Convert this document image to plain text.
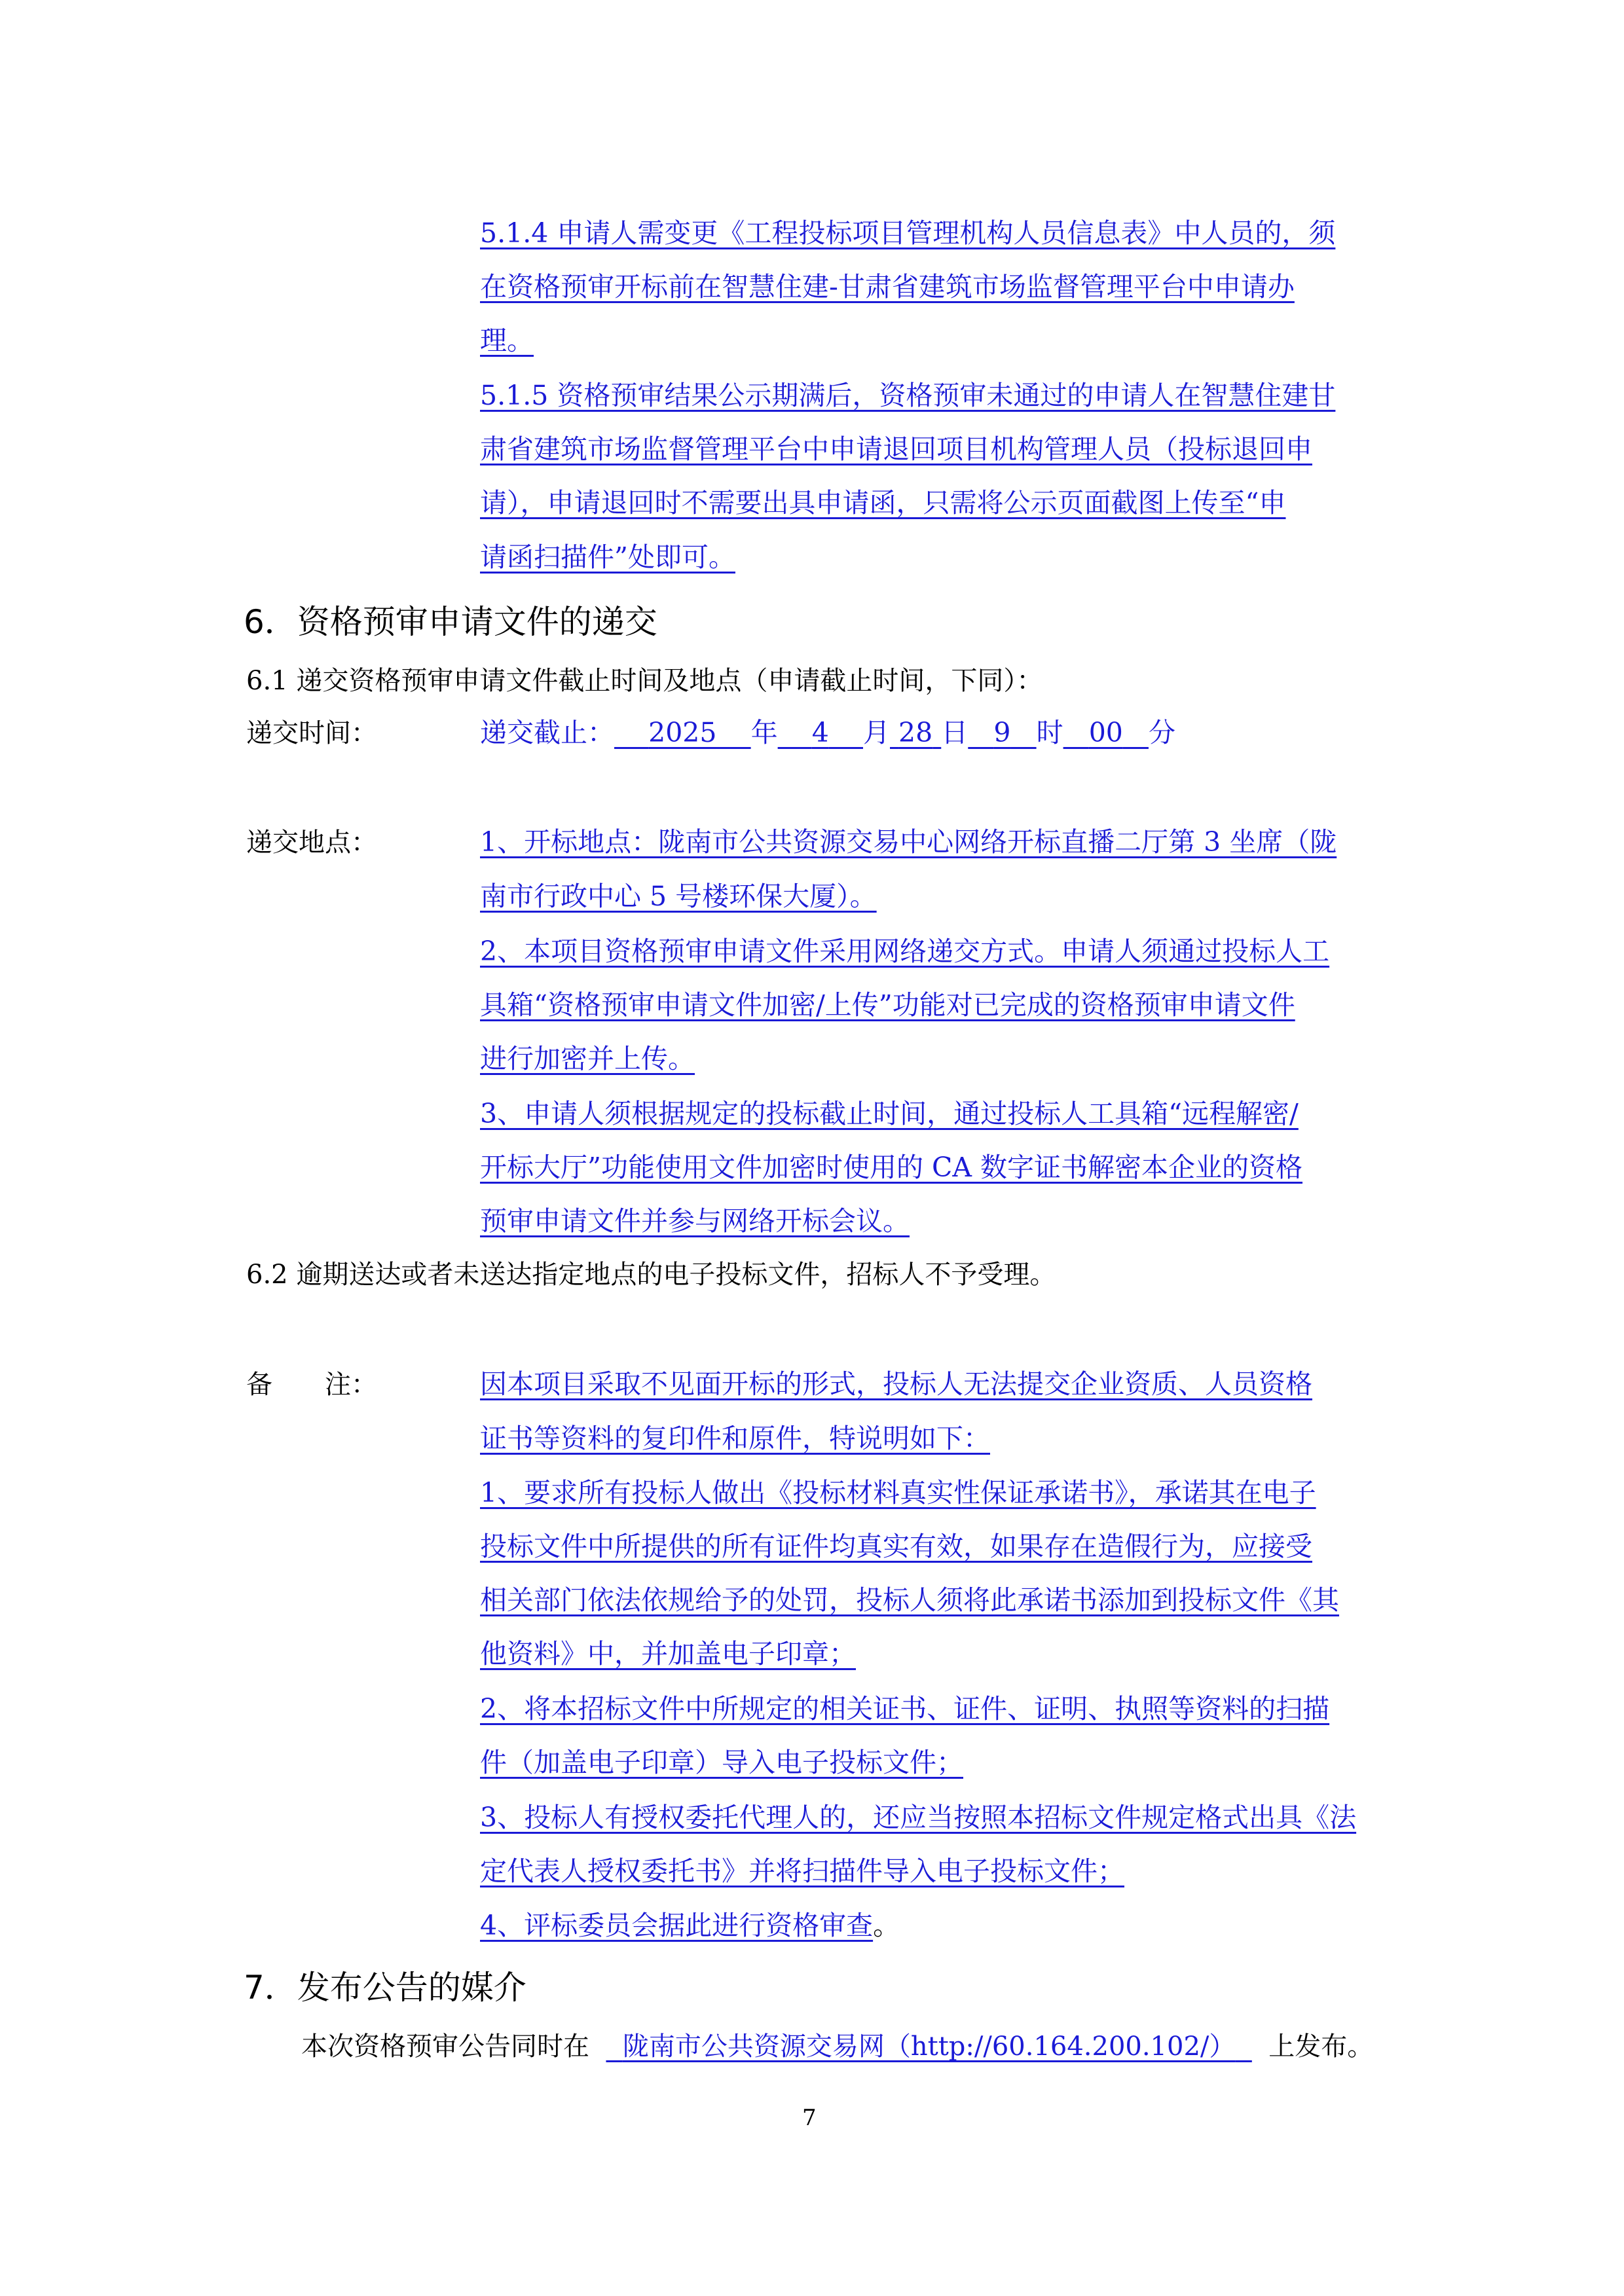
5.1.4 申请人需变更《工程投标项目管理机构人员信息表》中人员的，须
在资格预审开标前在智慧住建-甘肃省建筑市场监督管理平台中申请办
理。
5.1.5 资格预审结果公示期满后，资格预审未通过的申请人在智慧住建甘
肃省建筑市场监督管理平台中申请退回项目机构管理人员（投标退回申
请），申请退回时不需要出具申请函，只需将公示页面截图上传至“申
请函扫描件”处即可。
6．资格预审申请文件的递交
6.1 递交资格预审申请文件截止时间及地点（申请截止时间，下同）：
递交时间：	递交截止： 2025 年 4 月 28 日 9 时 00 分
递交地点：	1、开标地点：陇南市公共资源交易中心网络开标直播二厅第 3 坐席（陇
南市行政中心 5 号楼环保大厦）。
2、本项目资格预审申请文件采用网络递交方式。申请人须通过投标人工
具箱“资格预审申请文件加密/上传”功能对已完成的资格预审申请文件
进行加密并上传。
3、申请人须根据规定的投标截止时间，通过投标人工具箱“远程解密/
开标大厅”功能使用文件加密时使用的 CA 数字证书解密本企业的资格
预审申请文件并参与网络开标会议。
6.2 逾期送达或者未送达指定地点的电子投标文件，招标人不予受理。
备　　注：	因本项目采取不见面开标的形式，投标人无法提交企业资质、人员资格
证书等资料的复印件和原件，特说明如下：
1、要求所有投标人做出《投标材料真实性保证承诺书》，承诺其在电子
投标文件中所提供的所有证件均真实有效，如果存在造假行为，应接受
相关部门依法依规给予的处罚，投标人须将此承诺书添加到投标文件《其
他资料》中，并加盖电子印章；
2、将本招标文件中所规定的相关证书、证件、证明、执照等资料的扫描
件（加盖电子印章）导入电子投标文件；
3、投标人有授权委托代理人的，还应当按照本招标文件规定格式出具《法
定代表人授权委托书》并将扫描件导入电子投标文件；
4、评标委员会据此进行资格审查。
7．发布公告的媒介
本次资格预审公告同时在 陇南市公共资源交易网（http://60.164.200.102/） 上发布。
7
